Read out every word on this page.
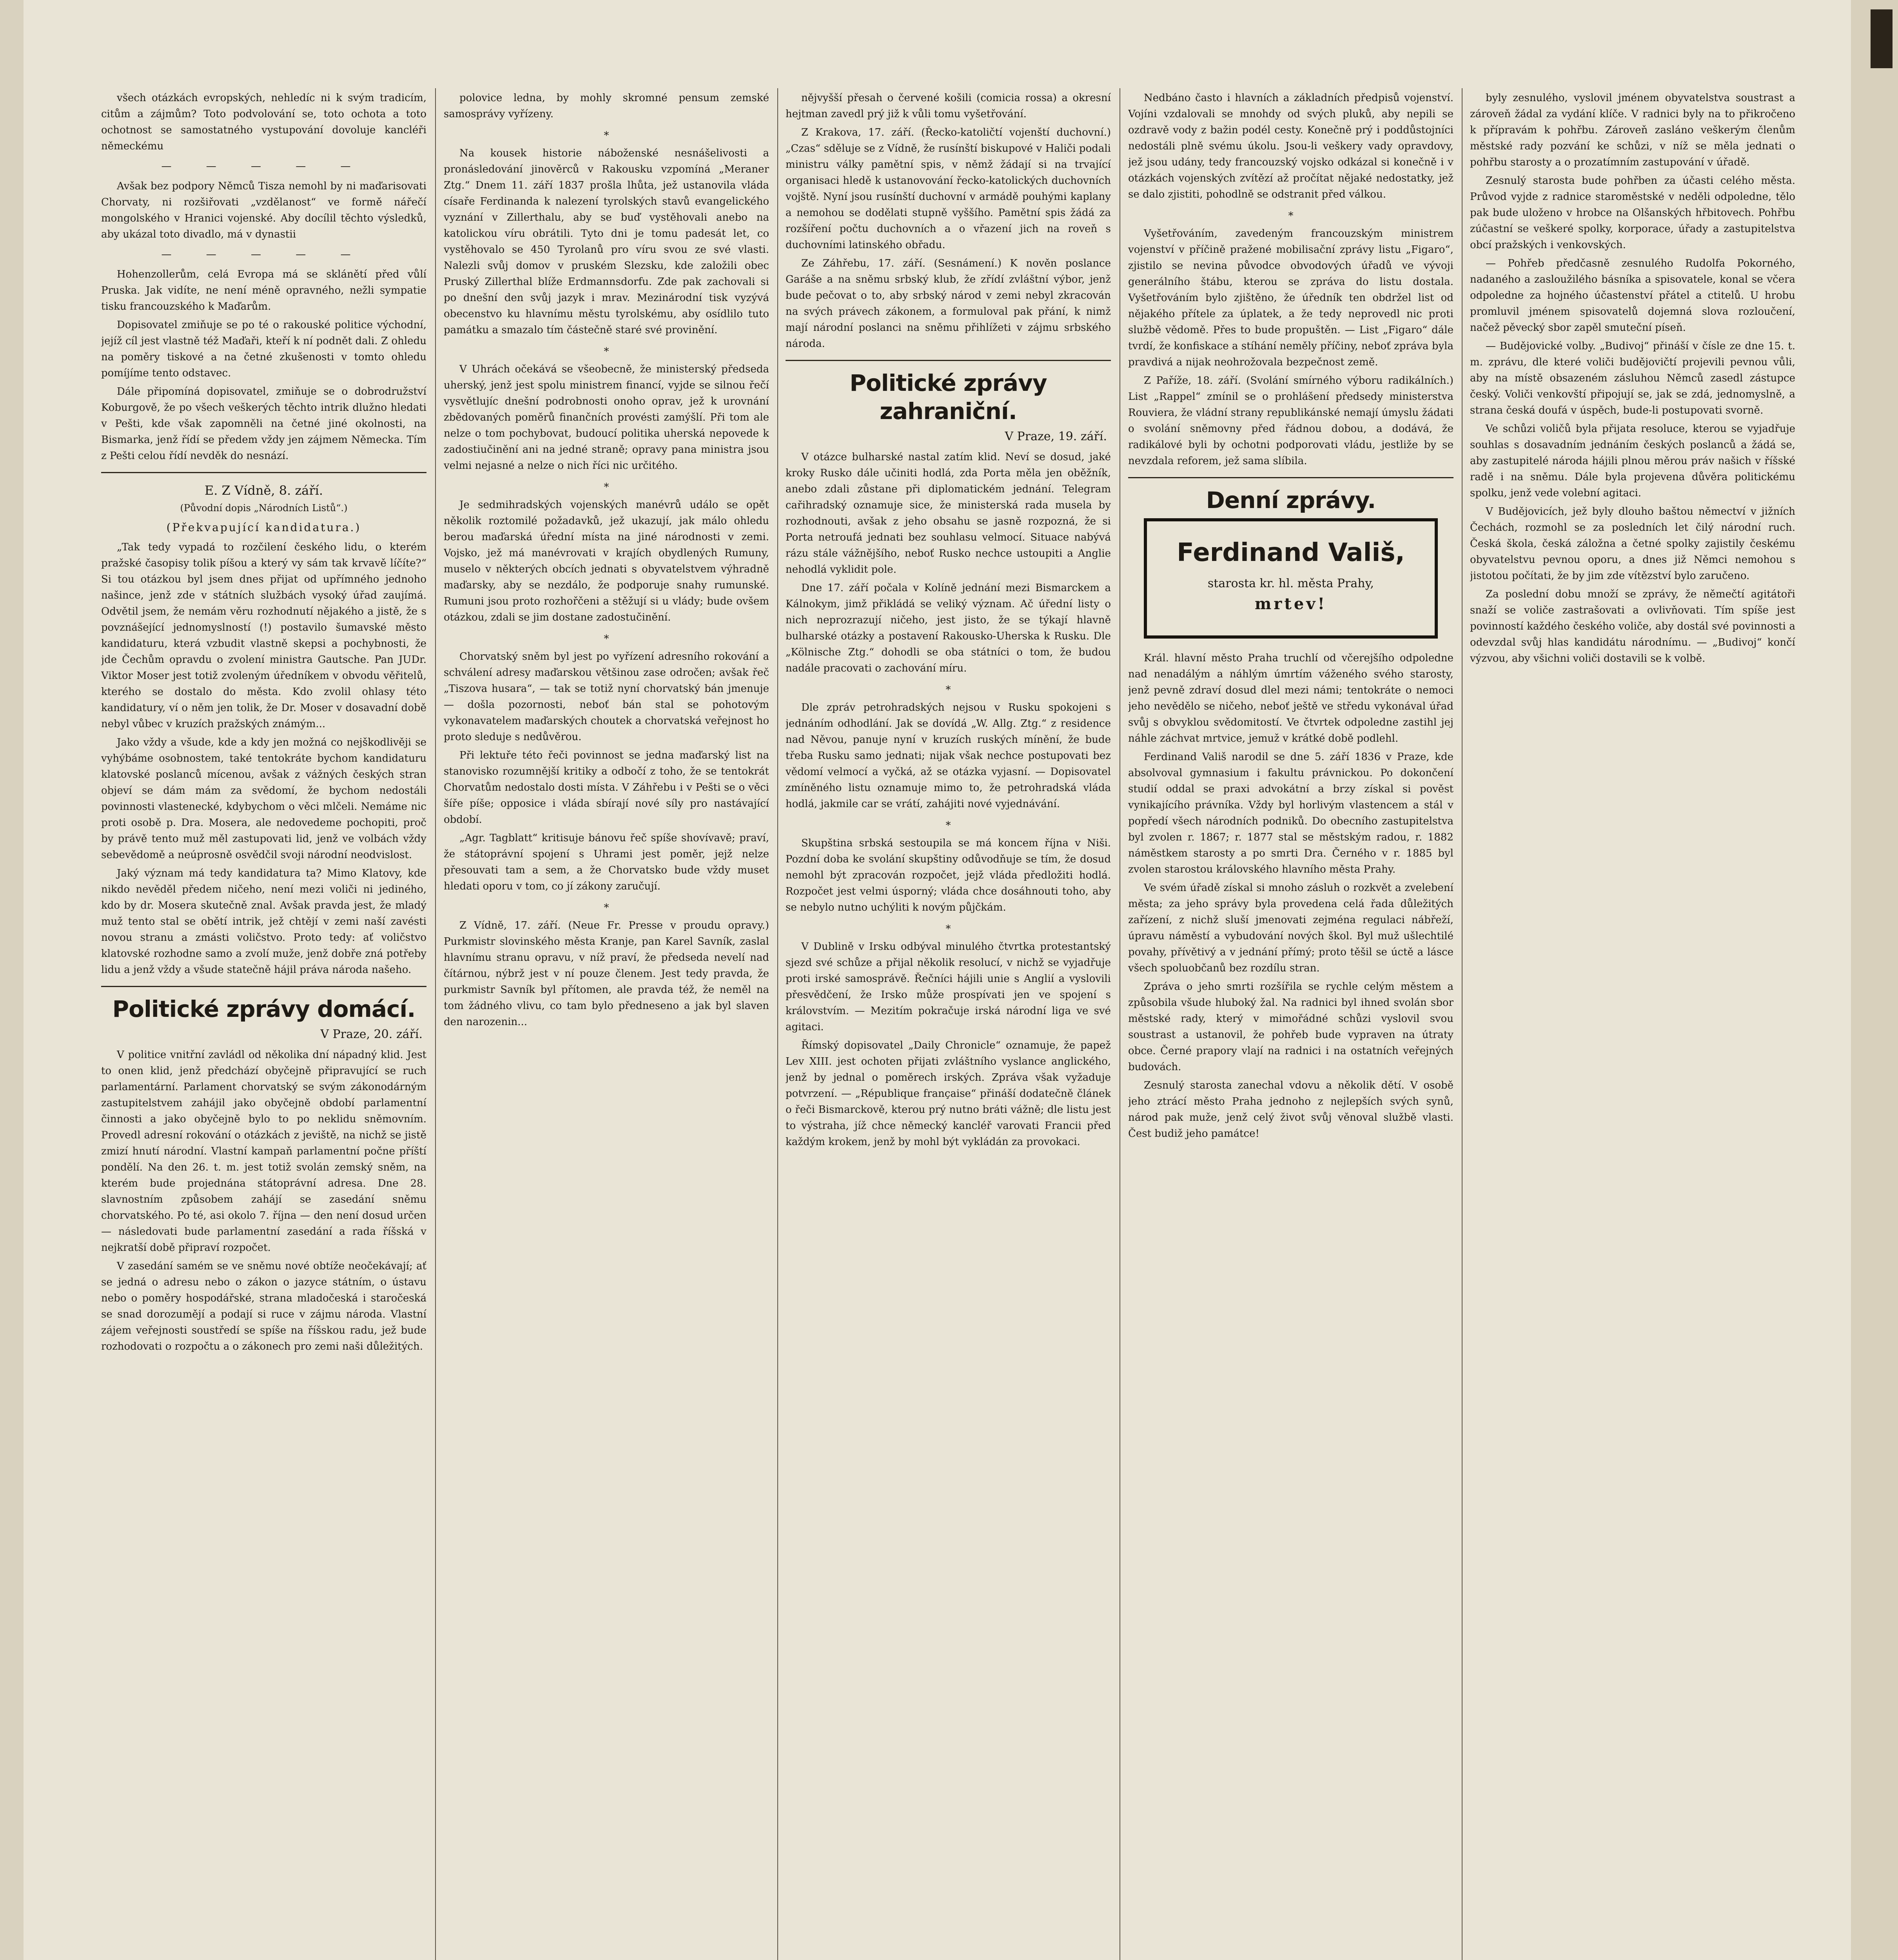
všech otázkách evropských, nehledíc ni k svým tradicím, citům a zájmům? Toto podvolování se, toto ochota a toto ochotnost se samostatného vystupování dovoluje kancléři německému

— — — — —

Avšak bez podpory Němců Tisza nemohl by ni maďarisovati Chorvaty, ni rozšiřovati „vzdělanost“ ve formě nářečí mongolského v Hranici vojenské. Aby docílil těchto výsledků, aby ukázal toto divadlo, má v dynastii

— — — — —

Hohenzollerům, celá Evropa má se sklánětí před vůlí Pruska. Jak vidíte, ne není méně opravného, nežli sympatie tisku francouzského k Maďarům.

Dopisovatel zmiňuje se po té o rakouské politice východní, jejíž cíl jest vlastně též Maďaři, kteří k ní podnět dali. Z ohledu na poměry tiskové a na četné zkušenosti v tomto ohledu pomíjíme tento odstavec.

Dále připomíná dopisovatel, zmiňuje se o dobrodružství Koburgově, že po všech veškerých těchto intrik dlužno hledati v Pešti, kde však zapomněli na četné jiné okolnosti, na Bismarka, jenž řídí se předem vždy jen zájmem Německa. Tím z Pešti celou řídí nevděk do nesnází.

E. Z Vídně, 8. září.
(Původní dopis „Národních Listů“.)
(Překvapující kandidatura.)

„Tak tedy vypadá to rozčilení českého lidu, o kterém pražské časopisy tolik píšou a který vy sám tak krvavě líčíte?“ Si tou otázkou byl jsem dnes přijat od upřímného jednoho našince, jenž zde v státních službách vysoký úřad zaujímá. Odvětil jsem, že nemám věru rozhodnutí nějakého a jistě, že s povznášející jednomyslností (!) postavilo šumavské město kandidaturu, která vzbudit vlastně skepsi a pochybnosti, že jde Čechům opravdu o zvolení ministra Gautsche. Pan JUDr. Viktor Moser jest totiž zvoleným úředníkem v obvodu věřitelů, kterého se dostalo do města. Kdo zvolil ohlasy této kandidatury, ví o něm jen tolik, že Dr. Moser v dosavadní době nebyl vůbec v kruzích pražských známým...

Jako vždy a všude, kde a kdy jen možná co nejškodlivěji se vyhýbáme osobnostem, také tentokráte bychom kandidaturu klatovské poslanců mícenou, avšak z vážných českých stran objeví se dám mám za svědomí, že bychom nedostáli povinnosti vlastenecké, kdybychom o věci mlčeli. Nemáme nic proti osobě p. Dra. Mosera, ale nedovedeme pochopiti, proč by právě tento muž měl zastupovati lid, jenž ve volbách vždy sebevědomě a neúprosně osvědčil svoji národní neodvislost.

Jaký význam má tedy kandidatura ta? Mimo Klatovy, kde nikdo nevěděl předem ničeho, není mezi voliči ni jediného, kdo by dr. Mosera skutečně znal. Avšak pravda jest, že mladý muž tento stal se obětí intrik, jež chtějí v zemi naší zavésti novou stranu a zmásti voličstvo. Proto tedy: ať voličstvo klatovské rozhodne samo a zvolí muže, jenž dobře zná potřeby lidu a jenž vždy a všude statečně hájil práva národa našeho.

Politické zprávy domácí.
V Praze, 20. září.

V politice vnitřní zavládl od několika dní nápadný klid. Jest to onen klid, jenž předchází obyčejně připravující se ruch parlamentární. Parlament chorvatský se svým zákonodárným zastupitelstvem zahájil jako obyčejně období parlamentní činnosti a jako obyčejně bylo to po neklidu sněmovním. Provedl adresní rokování o otázkách z jeviště, na nichž se jistě zmizí hnutí národní. Vlastní kampaň parlamentní počne příští pondělí. Na den 26. t. m. jest totiž svolán zemský sněm, na kterém bude projednána státoprávní adresa. Dne 28. slavnostním způsobem zahájí se zasedání sněmu chorvatského. Po té, asi okolo 7. října — den není dosud určen — následovati bude parlamentní zasedání a rada říšská v nejkratší době připraví rozpočet.

V zasedání samém se ve sněmu nové obtíže neočekávají; ať se jedná o adresu nebo o zákon o jazyce státním, o ústavu nebo o poměry hospodářské, strana mladočeská i staročeská se snad dorozumějí a podají si ruce v zájmu národa. Vlastní zájem veřejnosti soustředí se spíše na říšskou radu, jež bude rozhodovati o rozpočtu a o zákonech pro zemi naši důležitých.

polovice ledna, by mohly skromné pensum zemské samosprávy vyřízeny.

*

Na kousek historie náboženské nesnášelivosti a pronásledování jinověrců v Rakousku vzpomíná „Meraner Ztg.“ Dnem 11. září 1837 prošla lhůta, jež ustanovila vláda císaře Ferdinanda k nalezení tyrolských stavů evangelického vyznání v Zillerthalu, aby se buď vystěhovali anebo na katolickou víru obrátili. Tyto dni je tomu padesát let, co vystěhovalo se 450 Tyrolanů pro víru svou ze své vlasti. Nalezli svůj domov v pruském Slezsku, kde založili obec Pruský Zillerthal blíže Erdmannsdorfu. Zde pak zachovali si po dnešní den svůj jazyk i mrav. Mezinárodní tisk vyzývá obecenstvo ku hlavnímu městu tyrolskému, aby osídlilo tuto památku a smazalo tím částečně staré své provinění.

*

V Uhrách očekává se všeobecně, že ministerský předseda uherský, jenž jest spolu ministrem financí, vyjde se silnou řečí vysvětlujíc dnešní podrobnosti onoho oprav, jež k urovnání zbědovaných poměrů finančních provésti zamýšlí. Při tom ale nelze o tom pochybovat, budoucí politika uherská nepovede k zadostiučinění ani na jedné straně; opravy pana ministra jsou velmi nejasné a nelze o nich říci nic určitého.

*

Je sedmihradských vojenských manévrů událo se opět několik roztomilé požadavků, jež ukazují, jak málo ohledu berou maďarská úřední místa na jiné národnosti v zemi. Vojsko, jež má manévrovati v krajích obydlených Rumuny, muselo v některých obcích jednati s obyvatelstvem výhradně maďarsky, aby se nezdálo, že podporuje snahy rumunské. Rumuni jsou proto rozhořčeni a stěžují si u vlády; bude ovšem otázkou, zdali se jim dostane zadostučinění.

*

Chorvatský sněm byl jest po vyřízení adresního rokování a schválení adresy maďarskou většinou zase odročen; avšak řeč „Tiszova husara“, — tak se totiž nyní chorvatský bán jmenuje — došla pozornosti, neboť bán stal se pohotovým vykonavatelem maďarských choutek a chorvatská veřejnost ho proto sleduje s nedůvěrou.

Při lektuře této řeči povinnost se jedna maďarský list na stanovisko rozumnější kritiky a odbočí z toho, že se tentokrát Chorvatům nedostalo dosti místa. V Záhřebu i v Pešti se o věci šíře píše; opposice i vláda sbírají nové síly pro nastávající období.

„Agr. Tagblatt“ kritisuje bánovu řeč spíše shovívavě; praví, že státoprávní spojení s Uhrami jest poměr, jejž nelze přesouvati tam a sem, a že Chorvatsko bude vždy muset hledati oporu v tom, co jí zákony zaručují.

*

Z Vídně, 17. září. (Neue Fr. Presse v proudu opravy.) Purkmistr slovinského města Kranje, pan Karel Savník, zaslal hlavnímu stranu opravu, v níž praví, že předseda nevelí nad čítárnou, nýbrž jest v ní pouze členem. Jest tedy pravda, že purkmistr Savník byl přítomen, ale pravda též, že neměl na tom žádného vlivu, co tam bylo předneseno a jak byl slaven den narozenin...

nějvyšší přesah o červené košili (comicia rossa) a okresní hejtman zavedl prý již k vůli tomu vyšetřování.

Z Krakova, 17. září. (Řecko-katoličtí vojenští duchovní.) „Czas“ sděluje se z Vídně, že rusínští biskupové v Haliči podali ministru války pamětní spis, v němž žádají si na trvající organisaci hledě k ustanovování řecko-katolických duchovních vojště. Nyní jsou rusínští duchovní v armádě pouhými kaplany a nemohou se dodělati stupně vyššího. Pamětní spis žádá za rozšíření počtu duchovních a o vřazení jich na roveň s duchovními latinského obřadu.

Ze Záhřebu, 17. září. (Sesnámení.) K nověn poslance Garáše a na sněmu srbský klub, že zřídí zvláštní výbor, jenž bude pečovat o to, aby srbský národ v zemi nebyl zkracován na svých právech zákonem, a formuloval pak přání, k nimž mají národní poslanci na sněmu přihlížeti v zájmu srbského národa.

Politické zprávy zahraniční.
V Praze, 19. září.

V otázce bulharské nastal zatím klid. Neví se dosud, jaké kroky Rusko dále učiniti hodlá, zda Porta měla jen oběžník, anebo zdali zůstane při diplomatickém jednání. Telegram cařihradský oznamuje sice, že ministerská rada musela by rozhodnouti, avšak z jeho obsahu se jasně rozpozná, že si Porta netroufá jednati bez souhlasu velmocí. Situace nabývá rázu stále vážnějšího, neboť Rusko nechce ustoupiti a Anglie nehodlá vyklidit pole.

Dne 17. září počala v Kolíně jednání mezi Bismarckem a Kálnokym, jimž přikládá se veliký význam. Ač úřední listy o nich neprozrazují ničeho, jest jisto, že se týkají hlavně bulharské otázky a postavení Rakousko-Uherska k Rusku. Dle „Kölnische Ztg.“ dohodli se oba státníci o tom, že budou nadále pracovati o zachování míru.

*

Dle zpráv petrohradských nejsou v Rusku spokojeni s jednáním odhodlání. Jak se dovídá „W. Allg. Ztg.“ z residence nad Něvou, panuje nyní v kruzích ruských mínění, že bude třeba Rusku samo jednati; nijak však nechce postupovati bez vědomí velmocí a vyčká, až se otázka vyjasní. — Dopisovatel zmíněného listu oznamuje mimo to, že petrohradská vláda hodlá, jakmile car se vrátí, zahájiti nové vyjednávání.

*

Skupština srbská sestoupila se má koncem října v Niši. Pozdní doba ke svolání skupštiny odůvodňuje se tím, že dosud nemohl být zpracován rozpočet, jejž vláda předložiti hodlá. Rozpočet jest velmi úsporný; vláda chce dosáhnouti toho, aby se nebylo nutno uchýliti k novým půjčkám.

*

V Dublině v Irsku odbýval minulého čtvrtka protestantský sjezd své schůze a přijal několik resolucí, v nichž se vyjadřuje proti irské samosprávě. Řečníci hájili unie s Anglií a vyslovili přesvědčení, že Irsko může prospívati jen ve spojení s královstvím. — Mezitím pokračuje irská národní liga ve své agitaci.

Římský dopisovatel „Daily Chronicle“ oznamuje, že papež Lev XIII. jest ochoten přijati zvláštního vyslance anglického, jenž by jednal o poměrech irských. Zpráva však vyžaduje potvrzení. — „République française“ přináší dodatečně článek o řeči Bismarckově, kterou prý nutno bráti vážně; dle listu jest to výstraha, jíž chce německý kancléř varovati Francii před každým krokem, jenž by mohl být vykládán za provokaci.

Nedbáno často i hlavních a základních předpisů vojenství. Vojíni vzdalovali se mnohdy od svých pluků, aby nepili se ozdravě vody z bažin podél cesty. Konečně prý i poddůstojníci nedostáli plně svému úkolu. Jsou-li veškery vady opravdovy, jež jsou udány, tedy francouzský vojsko odkázal si konečně i v otázkách vojenských zvítězí až pročítat nějaké nedostatky, jež se dalo zjistiti, pohodlně se odstranit před válkou.

*

Vyšetřováním, zavedeným francouzským ministrem vojenství v příčině pražené mobilisační zprávy listu „Figaro“, zjistilo se nevina původce obvodových úřadů ve vývoji generálního štábu, kterou se zpráva do listu dostala. Vyšetřováním bylo zjištěno, že úředník ten obdržel list od nějakého přítele za úplatek, a že tedy neprovedl nic proti službě vědomě. Přes to bude propuštěn. — List „Figaro“ dále tvrdí, že konfiskace a stíhání neměly příčiny, neboť zpráva byla pravdivá a nijak neohrožovala bezpečnost země.

Z Paříže, 18. září. (Svolání smírného výboru radikálních.) List „Rappel“ zmínil se o prohlášení předsedy ministerstva Rouviera, že vládní strany republikánské nemají úmyslu žádati o svolání sněmovny před řádnou dobou, a dodává, že radikálové byli by ochotni podporovati vládu, jestliže by se nevzdala reforem, jež sama slíbila.

Denní zprávy.
Ferdinand Vališ,
starosta kr. hl. města Prahy,
mrtev!

Král. hlavní město Praha truchlí od včerejšího odpoledne nad nenadálým a náhlým úmrtím váženého svého starosty, jenž pevně zdraví dosud dlel mezi námi; tentokráte o nemoci jeho nevědělo se ničeho, neboť ještě ve středu vykonával úřad svůj s obvyklou svědomitostí. Ve čtvrtek odpoledne zastihl jej náhle záchvat mrtvice, jemuž v krátké době podlehl.

Ferdinand Vališ narodil se dne 5. září 1836 v Praze, kde absolvoval gymnasium i fakultu právnickou. Po dokončení studií oddal se praxi advokátní a brzy získal si pověst vynikajícího právníka. Vždy byl horlivým vlastencem a stál v popředí všech národních podniků. Do obecního zastupitelstva byl zvolen r. 1867; r. 1877 stal se městským radou, r. 1882 náměstkem starosty a po smrti Dra. Černého v r. 1885 byl zvolen starostou královského hlavního města Prahy.

Ve svém úřadě získal si mnoho zásluh o rozkvět a zvelebení města; za jeho správy byla provedena celá řada důležitých zařízení, z nichž sluší jmenovati zejména regulaci nábřeží, úpravu náměstí a vybudování nových škol. Byl muž ušlechtilé povahy, přívětivý a v jednání přímý; proto těšil se úctě a lásce všech spoluobčanů bez rozdílu stran.

Zpráva o jeho smrti rozšířila se rychle celým městem a způsobila všude hluboký žal. Na radnici byl ihned svolán sbor městské rady, který v mimořádné schůzi vyslovil svou soustrast a ustanovil, že pohřeb bude vypraven na útraty obce. Černé prapory vlají na radnici i na ostatních veřejných budovách.

Zesnulý starosta zanechal vdovu a několik dětí. V osobě jeho ztrácí město Praha jednoho z nejlepších svých synů, národ pak muže, jenž celý život svůj věnoval službě vlasti. Čest budiž jeho památce!

byly zesnulého, vyslovil jménem obyvatelstva soustrast a zároveň žádal za vydání klíče. V radnici byly na to přikročeno k přípravám k pohřbu. Zároveň zasláno veškerým členům městské rady pozvání ke schůzi, v níž se měla jednati o pohřbu starosty a o prozatímním zastupování v úřadě.

Zesnulý starosta bude pohřben za účasti celého města. Průvod vyjde z radnice staroměstské v neděli odpoledne, tělo pak bude uloženo v hrobce na Olšanských hřbitovech. Pohřbu zúčastní se veškeré spolky, korporace, úřady a zastupitelstva obcí pražských i venkovských.

— Pohřeb předčasně zesnulého Rudolfa Pokorného, nadaného a zasloužilého básníka a spisovatele, konal se včera odpoledne za hojného účastenství přátel a ctitelů. U hrobu promluvil jménem spisovatelů dojemná slova rozloučení, načež pěvecký sbor zapěl smuteční píseň.

— Budějovické volby. „Budivoj“ přináší v čísle ze dne 15. t. m. zprávu, dle které voliči budějovičtí projevili pevnou vůli, aby na místě obsazeném zásluhou Němců zasedl zástupce český. Voliči venkovští připojují se, jak se zdá, jednomyslně, a strana česká doufá v úspěch, bude-li postupovati svorně.

Ve schůzi voličů byla přijata resoluce, kterou se vyjadřuje souhlas s dosavadním jednáním českých poslanců a žádá se, aby zastupitelé národa hájili plnou měrou práv našich v říšské radě i na sněmu. Dále byla projevena důvěra politickému spolku, jenž vede volební agitaci.

V Budějovicích, jež byly dlouho baštou němectví v jižních Čechách, rozmohl se za posledních let čilý národní ruch. Česká škola, česká záložna a četné spolky zajistily českému obyvatelstvu pevnou oporu, a dnes již Němci nemohou s jistotou počítati, že by jim zde vítězství bylo zaručeno.

Za poslední dobu množí se zprávy, že němečtí agitátoři snaží se voliče zastrašovati a ovlivňovati. Tím spíše jest povinností každého českého voliče, aby dostál své povinnosti a odevzdal svůj hlas kandidátu národnímu. — „Budivoj“ končí výzvou, aby všichni voliči dostavili se k volbě.
